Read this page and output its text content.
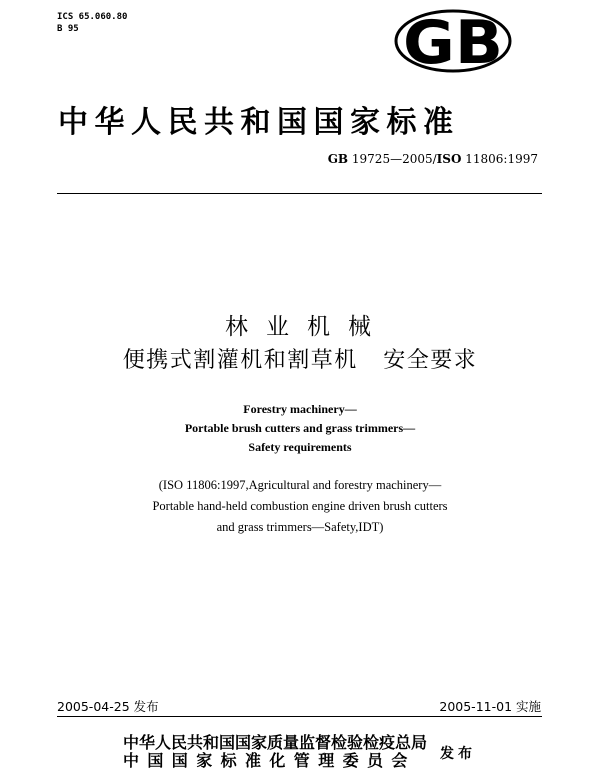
ICS 65.060.80
B 95	GB
中华人民共和国国家标准
GB 19725—2005/ISO 11806:1997
林业机械
便携式割灌机和割草机   安全要求
Forestry machinery—
Portable brush cutters and grass trimmers—
Safety requirements
(ISO 11806:1997,Agricultural and forestry machinery—
Portable hand-held combustion engine driven brush cutters
and grass trimmers—Safety,IDT)
2005-04-25 发布	2005-11-01 实施
中华人民共和国国家质量监督检验检疫总局
中国国家标准化管理委员会	发布
